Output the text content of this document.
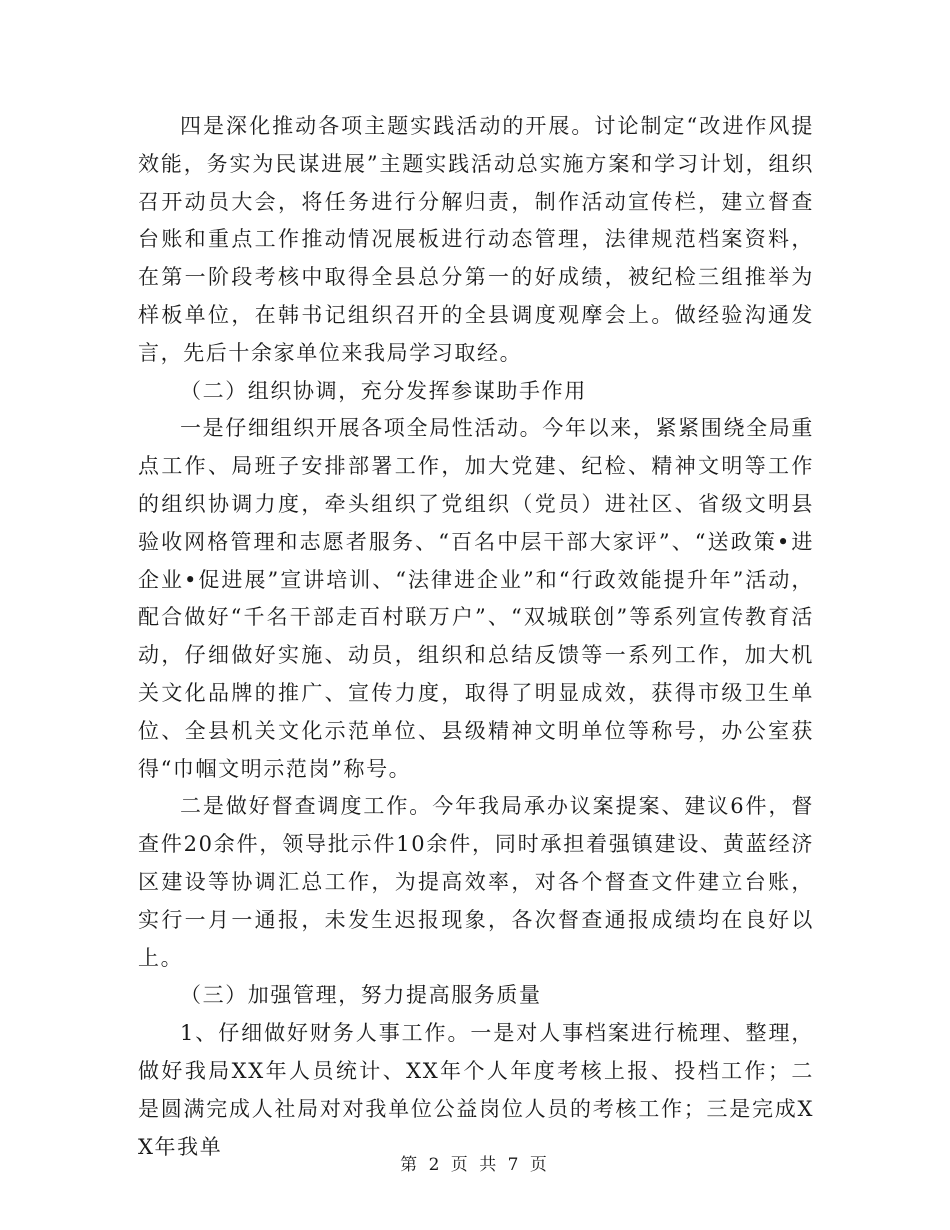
四是深化推动各项主题实践活动的开展。讨论制定“改进作风提效能，务实为民谋进展”主题实践活动总实施方案和学习计划，组织召开动员大会，将任务进行分解归责，制作活动宣传栏，建立督查台账和重点工作推动情况展板进行动态管理，法律规范档案资料，在第一阶段考核中取得全县总分第一的好成绩，被纪检三组推举为样板单位，在韩书记组织召开的全县调度观摩会上。做经验沟通发言，先后十余家单位来我局学习取经。

（二）组织协调，充分发挥参谋助手作用

一是仔细组织开展各项全局性活动。今年以来，紧紧围绕全局重点工作、局班子安排部署工作，加大党建、纪检、精神文明等工作的组织协调力度，牵头组织了党组织（党员）进社区、省级文明县验收网格管理和志愿者服务、“百名中层干部大家评”、“送政策•进企业•促进展”宣讲培训、“法律进企业”和“行政效能提升年”活动，配合做好“千名干部走百村联万户”、“双城联创”等系列宣传教育活动，仔细做好实施、动员，组织和总结反馈等一系列工作，加大机关文化品牌的推广、宣传力度，取得了明显成效，获得市级卫生单位、全县机关文化示范单位、县级精神文明单位等称号，办公室获得“巾帼文明示范岗”称号。

二是做好督查调度工作。今年我局承办议案提案、建议6件，督查件20余件，领导批示件10余件，同时承担着强镇建设、黄蓝经济区建设等协调汇总工作，为提高效率，对各个督查文件建立台账，实行一月一通报，未发生迟报现象，各次督查通报成绩均在良好以上。

（三）加强管理，努力提高服务质量

1、仔细做好财务人事工作。一是对人事档案进行梳理、整理，做好我局XX年人员统计、XX年个人年度考核上报、投档工作；二是圆满完成人社局对对我单位公益岗位人员的考核工作；三是完成XX年我单

第 2 页 共 7 页
